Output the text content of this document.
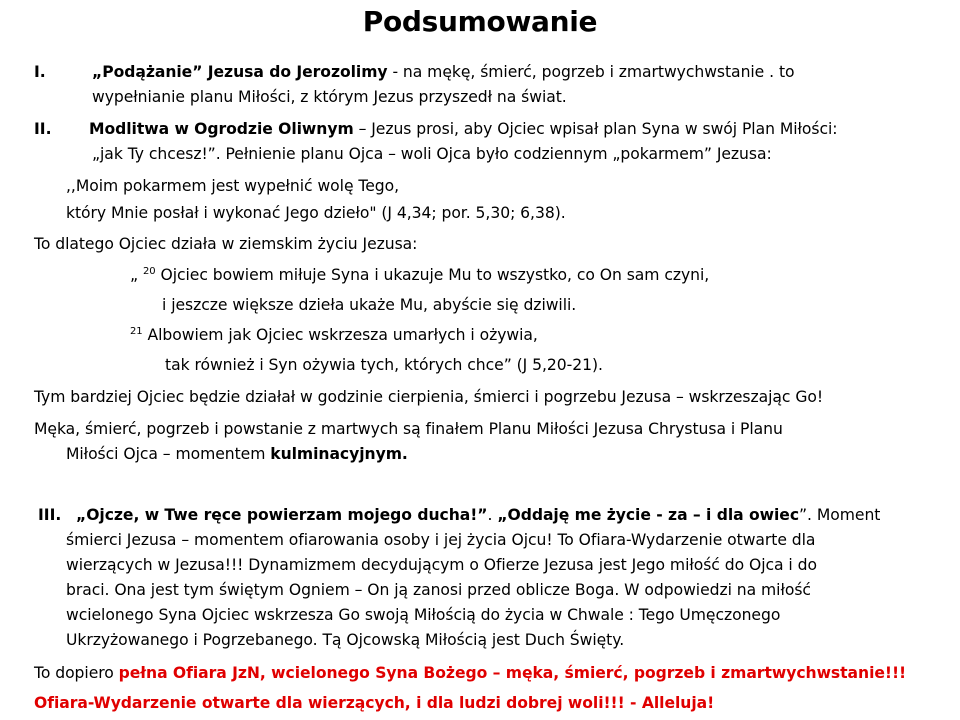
Podsumowanie
I.	„Podążanie” Jezusa do Jerozolimy - na mękę, śmierć, pogrzeb i zmartwychwstanie . to
wypełnianie planu Miłości, z którym Jezus przyszedł na świat.
II. Modlitwa w Ogrodzie Oliwnym – Jezus prosi, aby Ojciec wpisał plan Syna w swój Plan Miłości:
„jak Ty chcesz!”. Pełnienie planu Ojca – woli Ojca było codziennym „pokarmem” Jezusa:
,,Moim pokarmem jest wypełnić wolę Tego,
który Mnie posłał i wykonać Jego dzieło" (J 4,34; por. 5,30; 6,38).
To dlatego Ojciec działa w ziemskim życiu Jezusa:
„ $^{20}$ Ojciec bowiem miłuje Syna i ukazuje Mu to wszystko, co On sam czyni,
i jeszcze większe dzieła ukaże Mu, abyście się dziwili.
$^{21}$ Albowiem jak Ojciec wskrzesza umarłych i ożywia,
tak również i Syn ożywia tych, których chce” (J 5,20-21).
Tym bardziej Ojciec będzie działał w godzinie cierpienia, śmierci i pogrzebu Jezusa – wskrzeszając Go!
Męka, śmierć, pogrzeb i powstanie z martwych są finałem Planu Miłości Jezusa Chrystusa i Planu
Miłości Ojca – momentem kulminacyjnym.
III. „Ojcze, w Twe ręce powierzam mojego ducha!”. „Oddaję me życie - za – i dla owiec”. Moment
śmierci Jezusa – momentem ofiarowania osoby i jej życia Ojcu! To Ofiara-Wydarzenie otwarte dla
wierzących w Jezusa!!! Dynamizmem decydującym o Ofierze Jezusa jest Jego miłość do Ojca i do
braci. Ona jest tym świętym Ogniem – On ją zanosi przed oblicze Boga. W odpowiedzi na miłość
wcielonego Syna Ojciec wskrzesza Go swoją Miłością do życia w Chwale : Tego Umęczonego
Ukrzyżowanego i Pogrzebanego. Tą Ojcowską Miłością jest Duch Święty.
To dopiero pełna Ofiara JzN, wcielonego Syna Bożego – męka, śmierć, pogrzeb i zmartwychwstanie!!!
Ofiara-Wydarzenie otwarte dla wierzących, i dla ludzi dobrej woli!!! - Alleluja!
